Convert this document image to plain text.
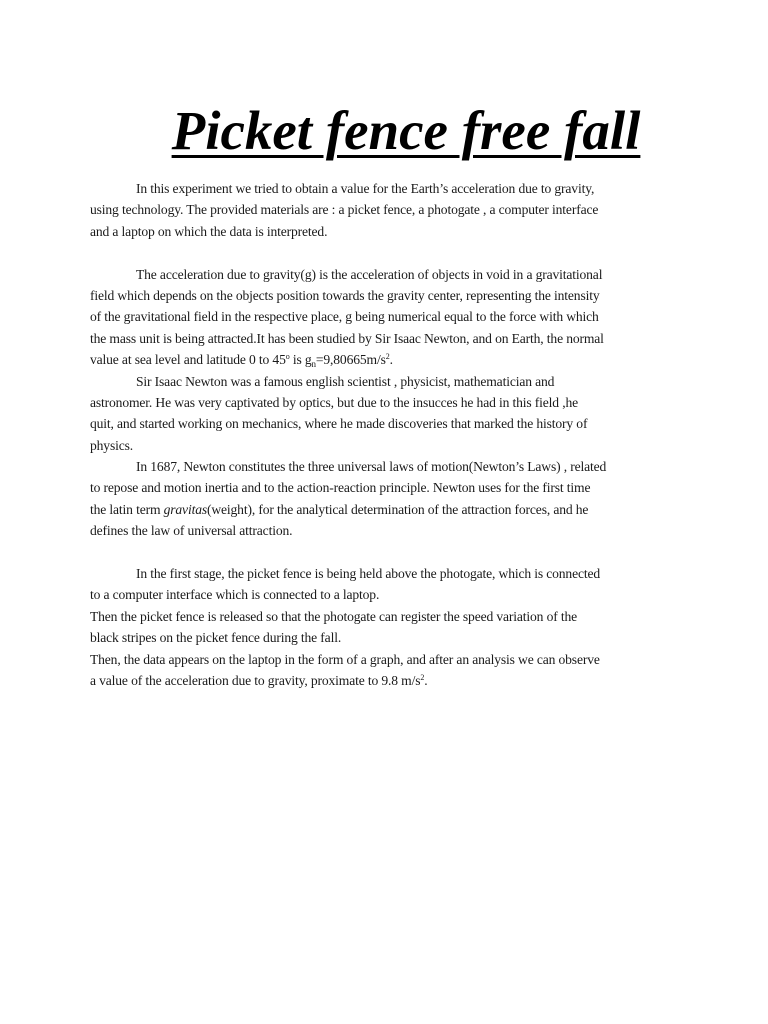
Picket fence free fall
In this experiment we tried to obtain a value for the Earth’s acceleration due to gravity,
using technology. The provided materials are : a picket fence, a photogate , a computer interface
and a laptop on which the data is interpreted.
The acceleration due to gravity(g) is the acceleration of objects in void in a gravitational
field which depends on the objects position towards the gravity center, representing the intensity
of the gravitational field in the respective place, g being numerical equal to the force with which
the mass unit is being attracted.It has been studied by Sir Isaac Newton, and on Earth, the normal
value at sea level and latitude 0 to 45$^o$ is $g_n=9,80665m/s^2$.
Sir Isaac Newton was a famous english scientist , physicist, mathematician and
astronomer. He was very captivated by optics, but due to the insucces he had in this field ,he
quit, and started working on mechanics, where he made discoveries that marked the history of
physics.
In 1687, Newton constitutes the three universal laws of motion(Newton’s Laws) , related
to repose and motion inertia and to the action-reaction principle. Newton uses for the first time
the latin term gravitas(weight), for the analytical determination of the attraction forces, and he
defines the law of universal attraction.
In the first stage, the picket fence is being held above the photogate, which is connected
to a computer interface which is connected to a laptop.
Then the picket fence is released so that the photogate can register the speed variation of the
black stripes on the picket fence during the fall.
Then, the data appears on the laptop in the form of a graph, and after an analysis we can observe
a value of the acceleration due to gravity, proximate to 9.8 $m/s^2$.
